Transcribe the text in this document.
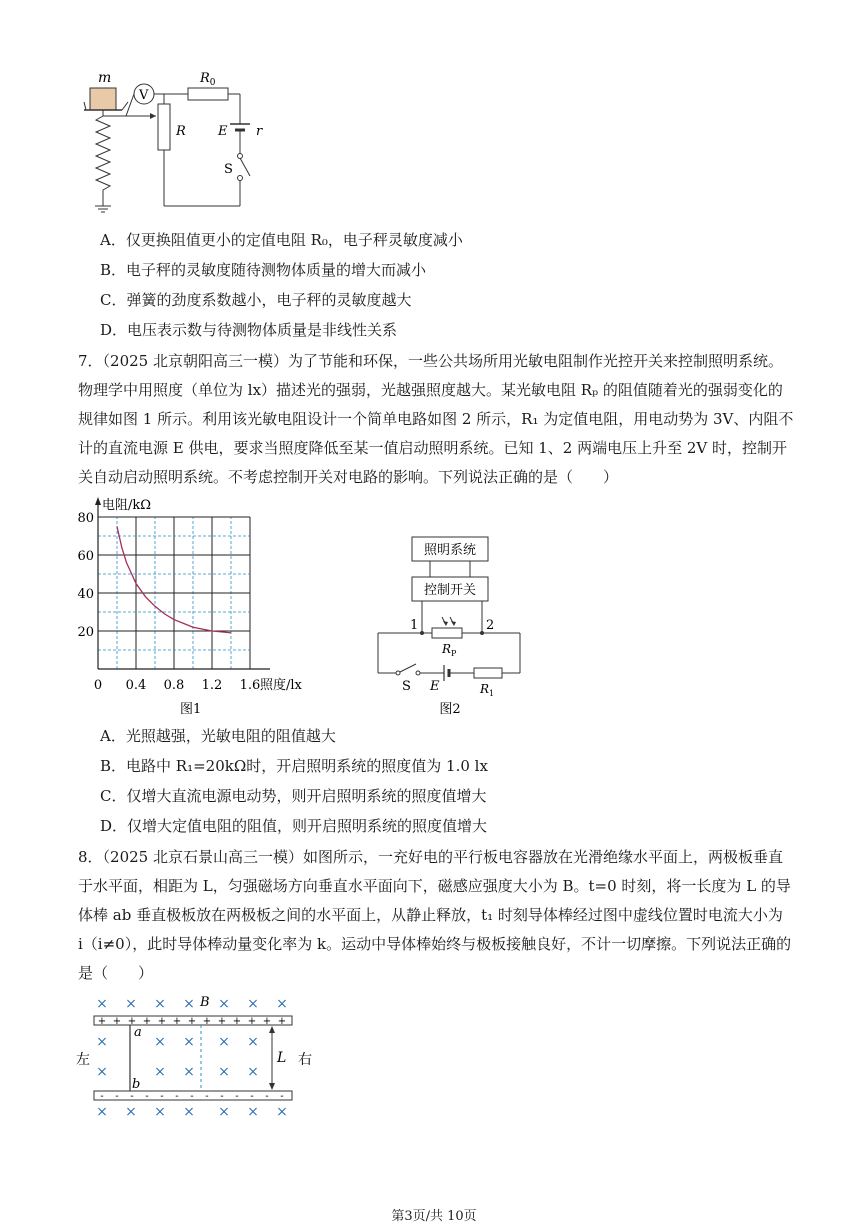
m
V
R
$R_0$
E r
S
A．仅更换阻值更小的定值电阻 R₀，电子秤灵敏度减小
B．电子秤的灵敏度随待测物体质量的增大而减小
C．弹簧的劲度系数越小，电子秤的灵敏度越大
D．电压表示数与待测物体质量是非线性关系
7．（2025 北京朝阳高三一模）为了节能和环保，一些公共场所用光敏电阻制作光控开关来控制照明系统。
物理学中用照度（单位为 lx）描述光的强弱，光越强照度越大。某光敏电阻 Rₚ 的阻值随着光的强弱变化的
规律如图 1 所示。利用该光敏电阻设计一个简单电路如图 2 所示，R₁ 为定值电阻，用电动势为 3V、内阻不
计的直流电源 E 供电，要求当照度降低至某一值启动照明系统。已知 1、2 两端电压上升至 2V 时，控制开
关自动启动照明系统。不考虑控制开关对电路的影响。下列说法正确的是（　　）
0 0.4 0.8 1.2 1.6
20
40
60
80
电阻/kΩ
照度/lx
图1
照明系统
控制开关
1	2
$R_P$
S E	$R_1$
图2
A．光照越强，光敏电阻的阻值越大
B．电路中 R₁=20kΩ时，开启照明系统的照度值为 1.0 lx
C．仅增大直流电源电动势，则开启照明系统的照度值增大
D．仅增大定值电阻的阻值，则开启照明系统的照度值增大
8．（2025 北京石景山高三一模）如图所示，一充好电的平行板电容器放在光滑绝缘水平面上，两极板垂直
于水平面，相距为 L，匀强磁场方向垂直水平面向下，磁感应强度大小为 B。t=0 时刻，将一长度为 L 的导
体棒 ab 垂直极板放在两极板之间的水平面上，从静止释放，t₁ 时刻导体棒经过图中虚线位置时电流大小为
i（i≠0），此时导体棒动量变化率为 k。运动中导体棒始终与极板接触良好，不计一切摩擦。下列说法正确的
是（　　）
× × × × × × ×
×	× × × ×
×	× × × ×
× × × × × × ×
+ + + + + + + + + + + + +
- - - - - - - - - - - - -
a
b
L
B
左	右
第3页/共 10页
